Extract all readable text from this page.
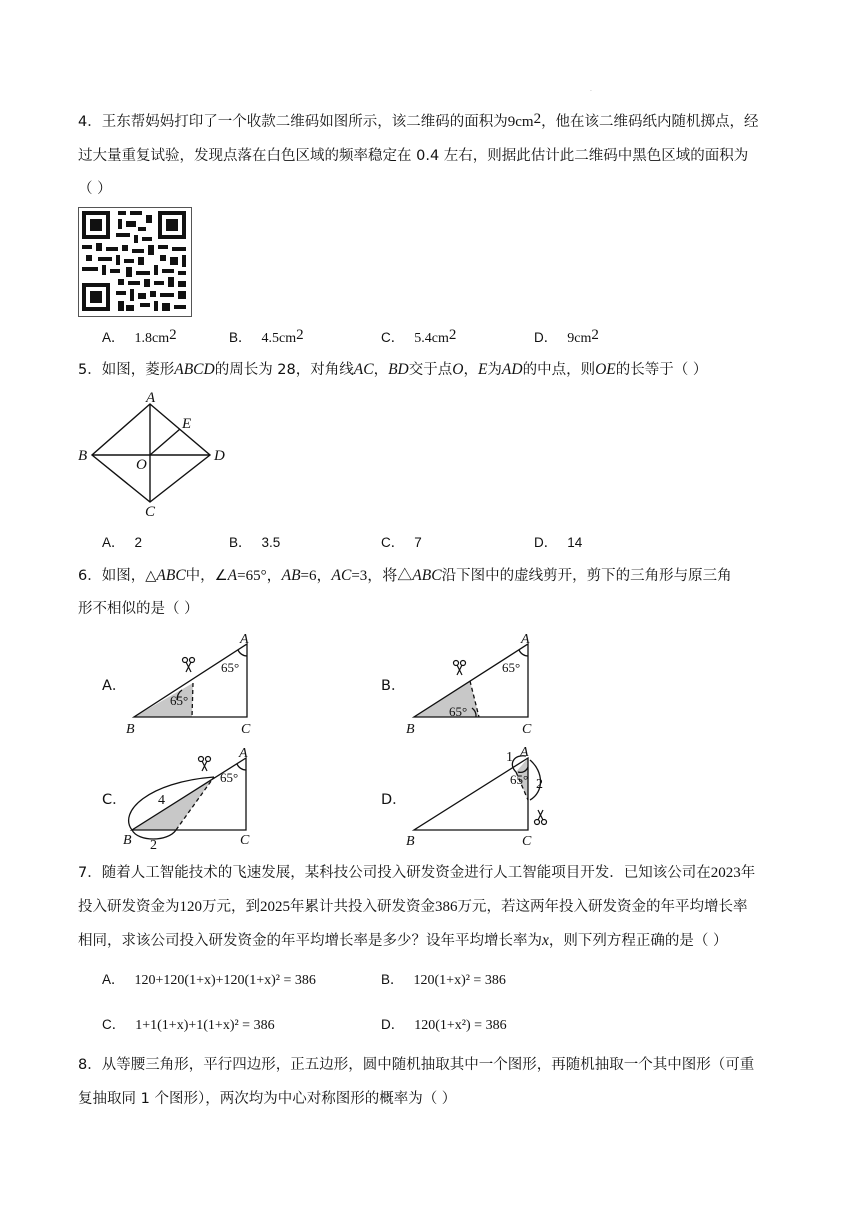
·
4．王东帮妈妈打印了一个收款二维码如图所示，该二维码的面积为$9cm^2$，他在该二维码纸内随机掷点，经
过大量重复试验，发现点落在白色区域的频率稳定在 0.4 左右，则据此估计此二维码中黑色区域的面积为
（ ）
A． $1.8cm^2$	B． $4.5cm^2$	C． $5.4cm^2$	D． $9cm^2$
5．如图，菱形ABCD的周长为 28，对角线AC，BD交于点O，E为AD的中点，则OE的长等于（ ）
A
B
C
D
E
O
A． 2	B． 3.5	C． 7	D． 14
6．如图，△ABC中，∠A=65°，AB=6，AC=3，将△ABC沿下图中的虚线剪开，剪下的三角形与原三角
形不相似的是（ ）
A．
A
B	C
65°
65°
B．
A
B	C
65°
65°
C．
A
B	C
65°
4
2
D．
A
B	C
65°
1
2
7．随着人工智能技术的飞速发展，某科技公司投入研发资金进行人工智能项目开发．已知该公司在2023年
投入研发资金为120万元，到2025年累计共投入研发资金386万元，若这两年投入研发资金的年平均增长率
相同，求该公司投入研发资金的年平均增长率是多少？设年平均增长率为x，则下列方程正确的是（ ）
A． 120+120(1+x)+120(1+x)² = 386	B． 120(1+x)² = 386
C． 1+1(1+x)+1(1+x)² = 386	D． 120(1+x²) = 386
8．从等腰三角形，平行四边形，正五边形，圆中随机抽取其中一个图形，再随机抽取一个其中图形（可重
复抽取同 1 个图形），两次均为中心对称图形的概率为（ ）
